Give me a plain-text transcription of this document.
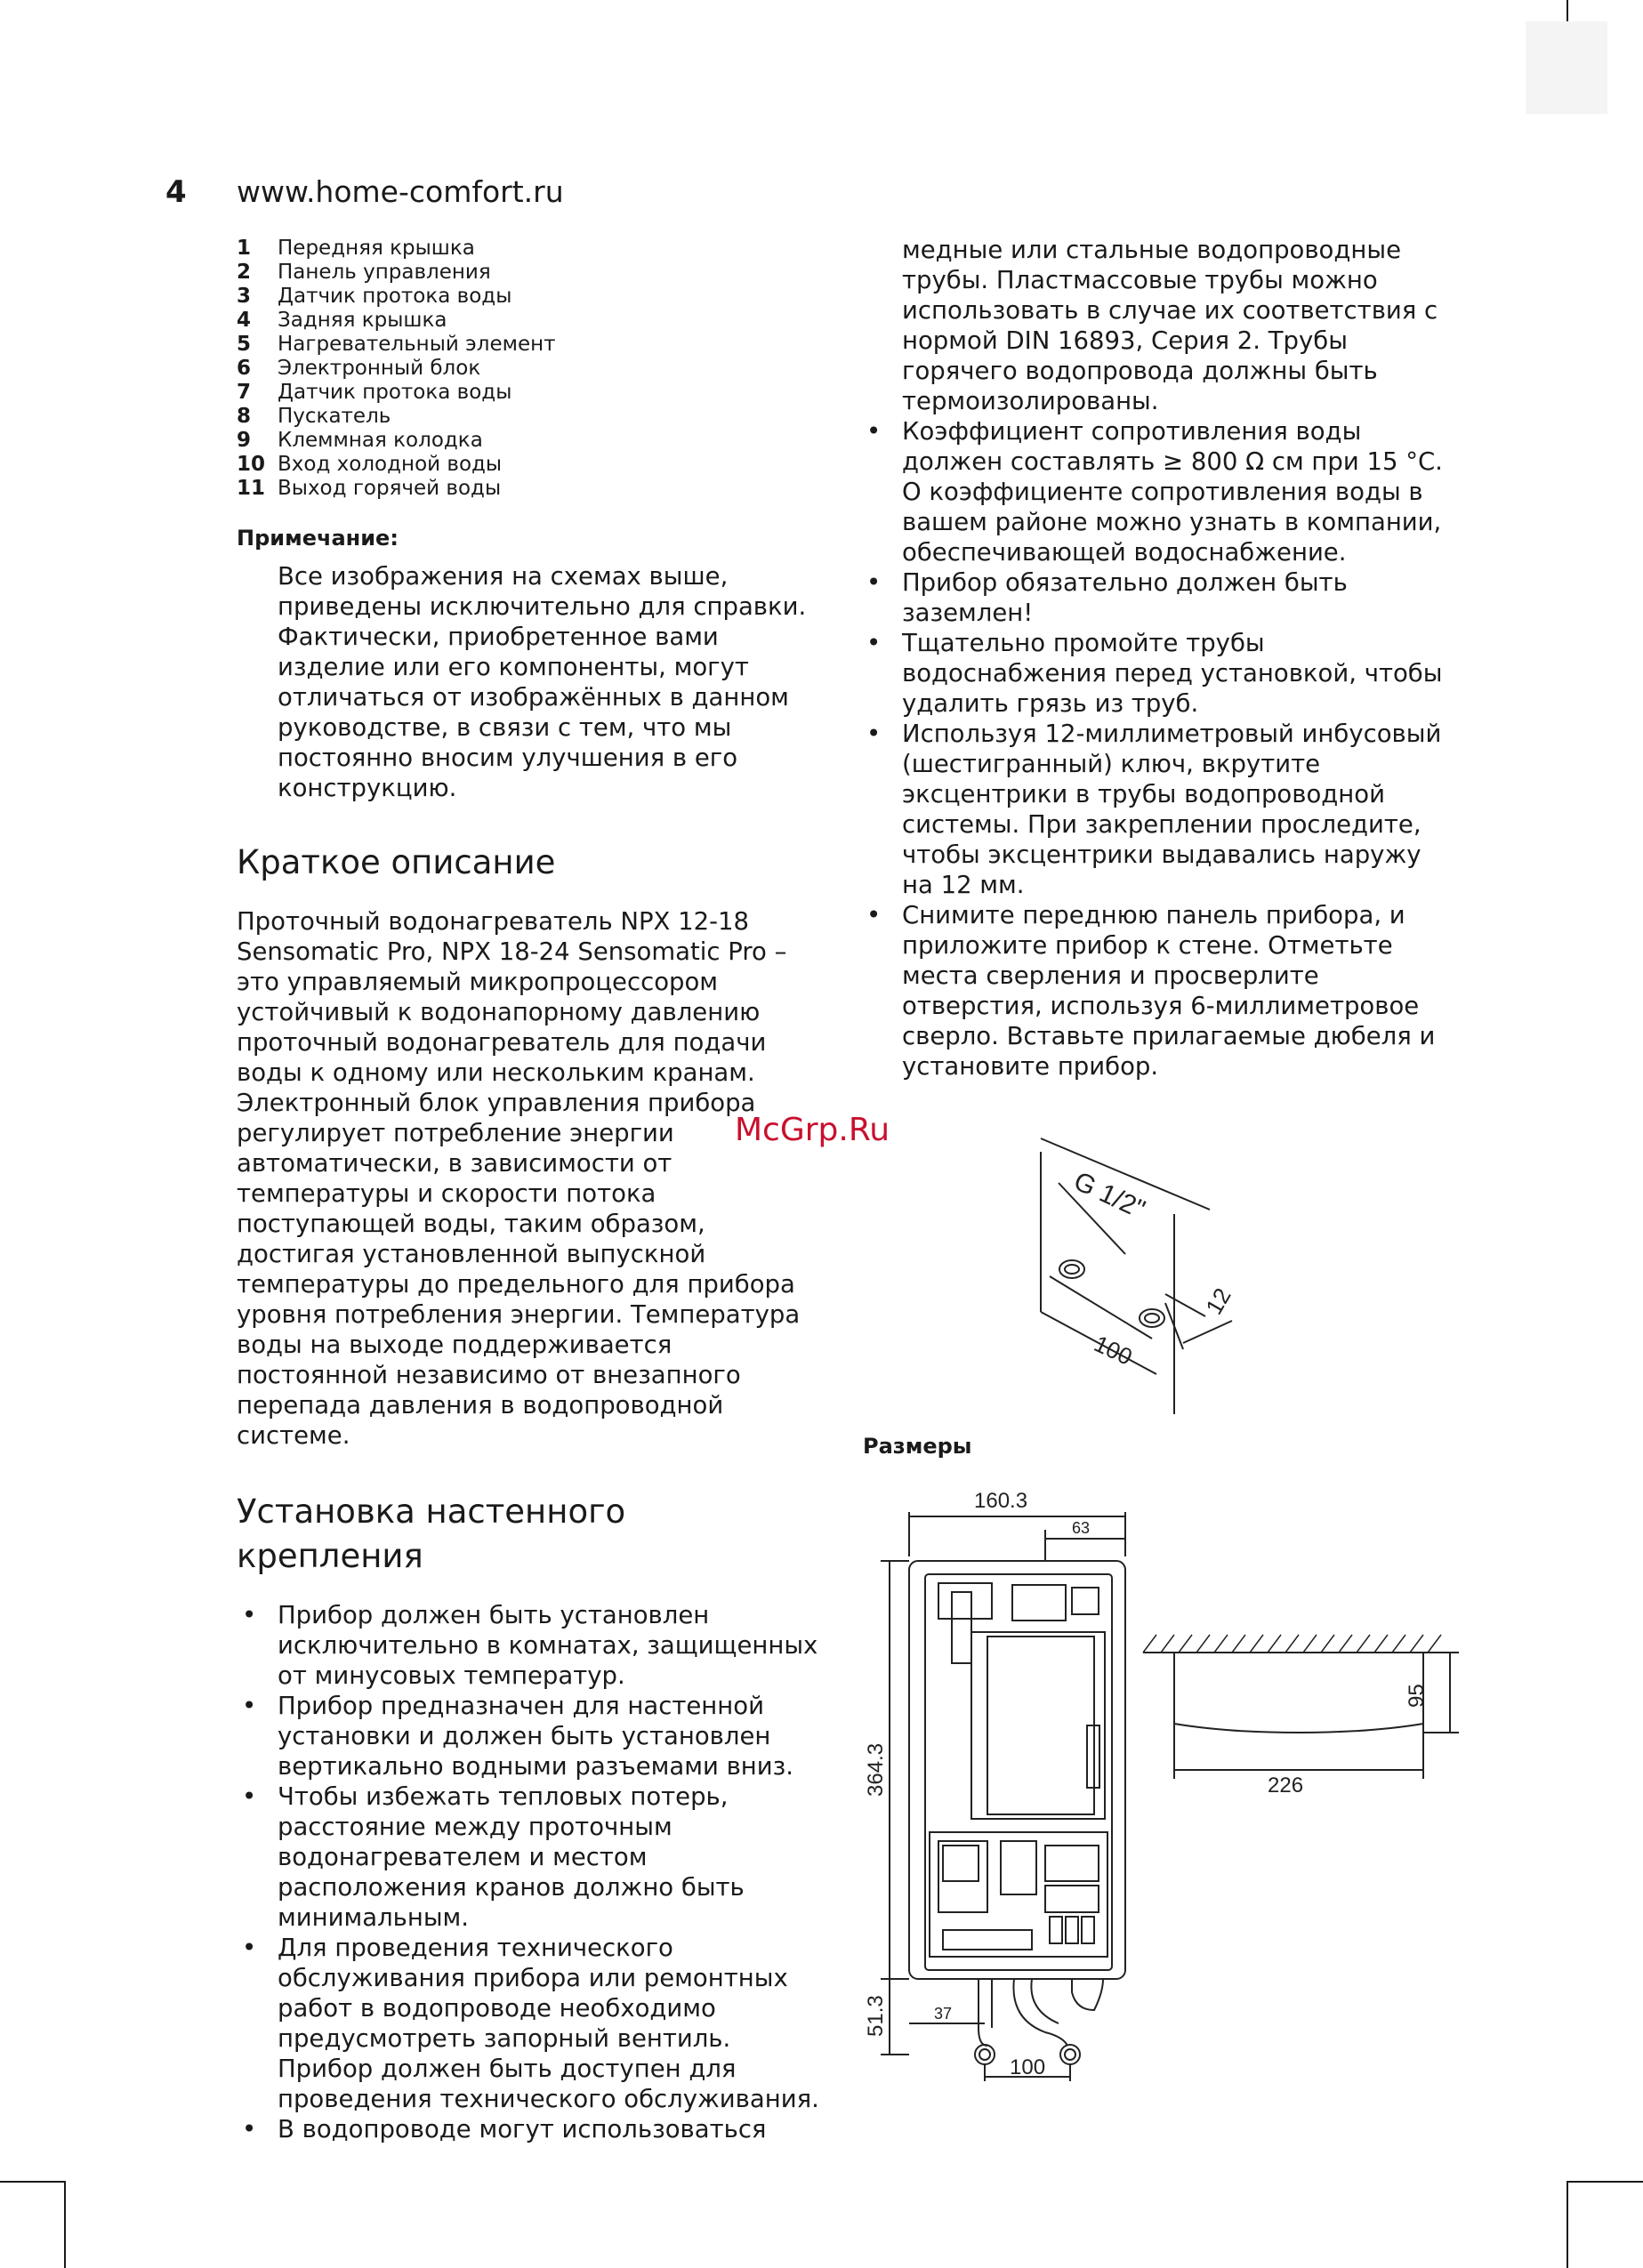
4 www.home-comfort.ru
1	Передняя крышка
2	Панель управления
3	Датчик протока воды
4	Задняя крышка
5	Нагревательный элемент
6	Электронный блок
7	Датчик протока воды
8	Пускатель
9	Клеммная колодка
10 Вход холодной воды
11 Выход горячей воды
Примечание:

Все изображения на схемах выше, приведены исключительно для справки. Фактически, приобретенное вами изделие или его компоненты, могут отличаться от изображённых в данном руководстве, в связи с тем, что мы постоянно вносим улучшения в его конструкцию.

Краткое описание

Проточный водонагреватель NPX 12-18 Sensomatic Pro, NPX 18-24 Sensomatic Pro – это управляемый микропроцессором устойчивый к водонапорному давлению проточный водонагреватель для подачи воды к одному или нескольким кранам. Электронный блок управления прибора регулирует потребление энергии автоматически, в зависимости от температуры и скорости потока поступающей воды, таким образом, достигая установленной выпускной температуры до предельного для прибора уровня потребления энергии. Температура воды на выходе поддерживается постоянной независимо от внезапного перепада давления в водопроводной системе.

Установка настенного
крепления
• Прибор должен быть установлен исключительно в комнатах, защищенных от минусовых температур.
• Прибор предназначен для настенной установки и должен быть установлен вертикально водными разъемами вниз.
• Чтобы избежать тепловых потерь, расстояние между проточным водонагревателем и местом расположения кранов должно быть минимальным.
• Для проведения технического обслуживания прибора или ремонтных работ в водопроводе необходимо предусмотреть запорный вентиль. Прибор должен быть доступен для проведения технического обслуживания.
• В водопроводе могут использоваться

медные или стальные водопроводные трубы. Пластмассовые трубы можно использовать в случае их соответствия с нормой DIN 16893, Серия 2. Трубы горячего водопровода должны быть термоизолированы.

• Коэффициент сопротивления воды должен составлять ≥ 800 Ω см при 15 °С. О коэффициенте сопротивления воды в вашем районе можно узнать в компании, обеспечивающей водоснабжение.
• Прибор обязательно должен быть заземлен!
• Тщательно промойте трубы водоснабжения перед установкой, чтобы удалить грязь из труб.
• Используя 12-миллиметровый инбусовый (шестигранный) ключ, вкрутите эксцентрики в трубы водопроводной системы. При закреплении проследите, чтобы эксцентрики выдавались наружу на 12 мм.
• Снимите переднюю панель прибора, и приложите прибор к стене. Отметьте места сверления и просверлите отверстия, используя 6-миллиметровое сверло. Вставьте прилагаемые дюбеля и установите прибор.
McGrp.Ru
G 1/2"
100
12
Размеры
160.3
63
364.3
51.3	37
100
95
226
